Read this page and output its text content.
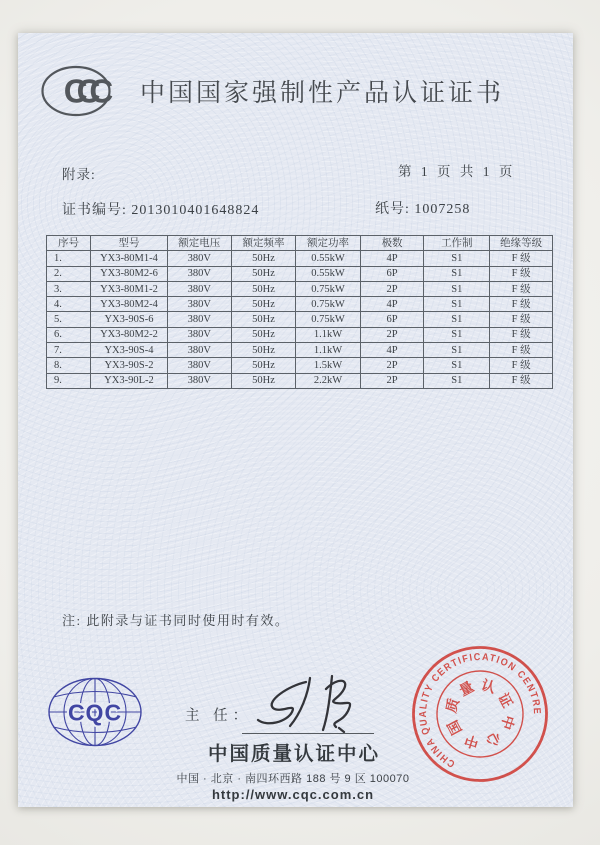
CCC	中国国家强制性产品认证证书
附录:	第 1 页 共 1 页
证书编号: 2013010401648824	纸号: 1007258
序号	型号	额定电压	额定频率	额定功率	极数	工作制	绝缘等级
1.	YX3-80M1-4	380V	50Hz	0.55kW	4P	S1	F 级
2.	YX3-80M2-6	380V	50Hz	0.55kW	6P	S1	F 级
3.	YX3-80M1-2	380V	50Hz	0.75kW	2P	S1	F 级
4.	YX3-80M2-4	380V	50Hz	0.75kW	4P	S1	F 级
5.	YX3-90S-6	380V	50Hz	0.75kW	6P	S1	F 级
6.	YX3-80M2-2	380V	50Hz	1.1kW	2P	S1	F 级
7.	YX3-90S-4	380V	50Hz	1.1kW	4P	S1	F 级
8.	YX3-90S-2	380V	50Hz	1.5kW	2P	S1	F 级
9.	YX3-90L-2	380V	50Hz	2.2kW	2P	S1	F 级
注: 此附录与证书同时使用时有效。
CQC	主 任：
中国质量认证中心
中国 · 北京 · 南四环西路 188 号 9 区 100070
http://www.cqc.com.cn
CHINA QUALITY CERTIFICATION CENTRE
中
国
质
量 认
证
中
心
